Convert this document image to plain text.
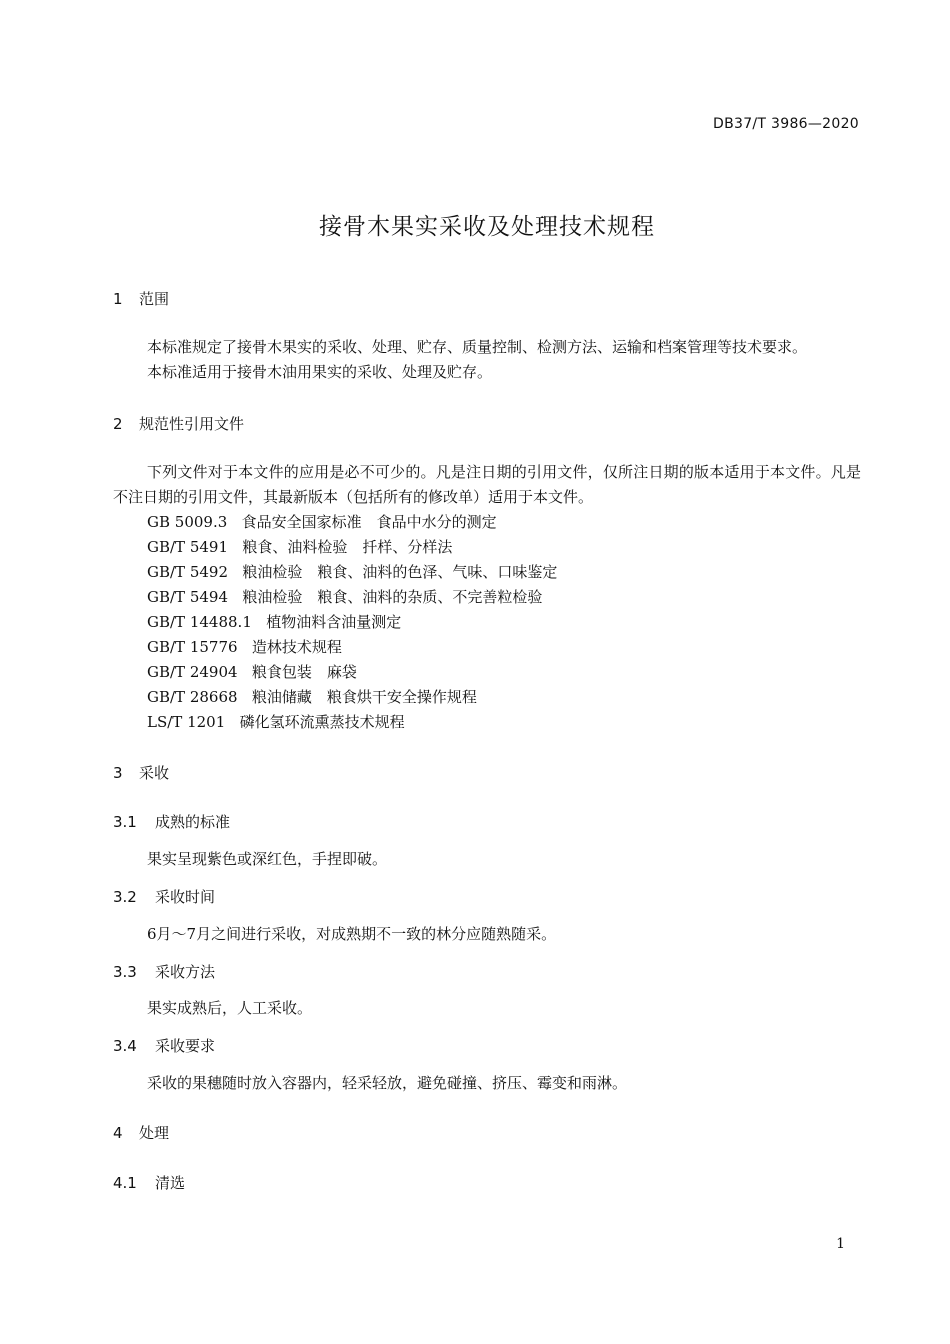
DB37/T 3986—2020
接骨木果实采收及处理技术规程
1 范围
本标准规定了接骨木果实的采收、处理、贮存、质量控制、检测方法、运输和档案管理等技术要求。
本标准适用于接骨木油用果实的采收、处理及贮存。
2 规范性引用文件
下列文件对于本文件的应用是必不可少的。凡是注日期的引用文件，仅所注日期的版本适用于本文件。凡是不注日期的引用文件，其最新版本（包括所有的修改单）适用于本文件。
GB 5009.3 食品安全国家标准　食品中水分的测定
GB/T 5491 粮食、油料检验　扦样、分样法
GB/T 5492 粮油检验　粮食、油料的色泽、气味、口味鉴定
GB/T 5494 粮油检验　粮食、油料的杂质、不完善粒检验
GB/T 14488.1 植物油料含油量测定
GB/T 15776 造林技术规程
GB/T 24904 粮食包装　麻袋
GB/T 28668 粮油储藏　粮食烘干安全操作规程
LS/T 1201 磷化氢环流熏蒸技术规程
3 采收
3.1 成熟的标准
果实呈现紫色或深红色，手捏即破。
3.2 采收时间
6月～7月之间进行采收，对成熟期不一致的林分应随熟随采。
3.3 采收方法
果实成熟后，人工采收。
3.4 采收要求
采收的果穗随时放入容器内，轻采轻放，避免碰撞、挤压、霉变和雨淋。
4 处理
4.1 清选
1
